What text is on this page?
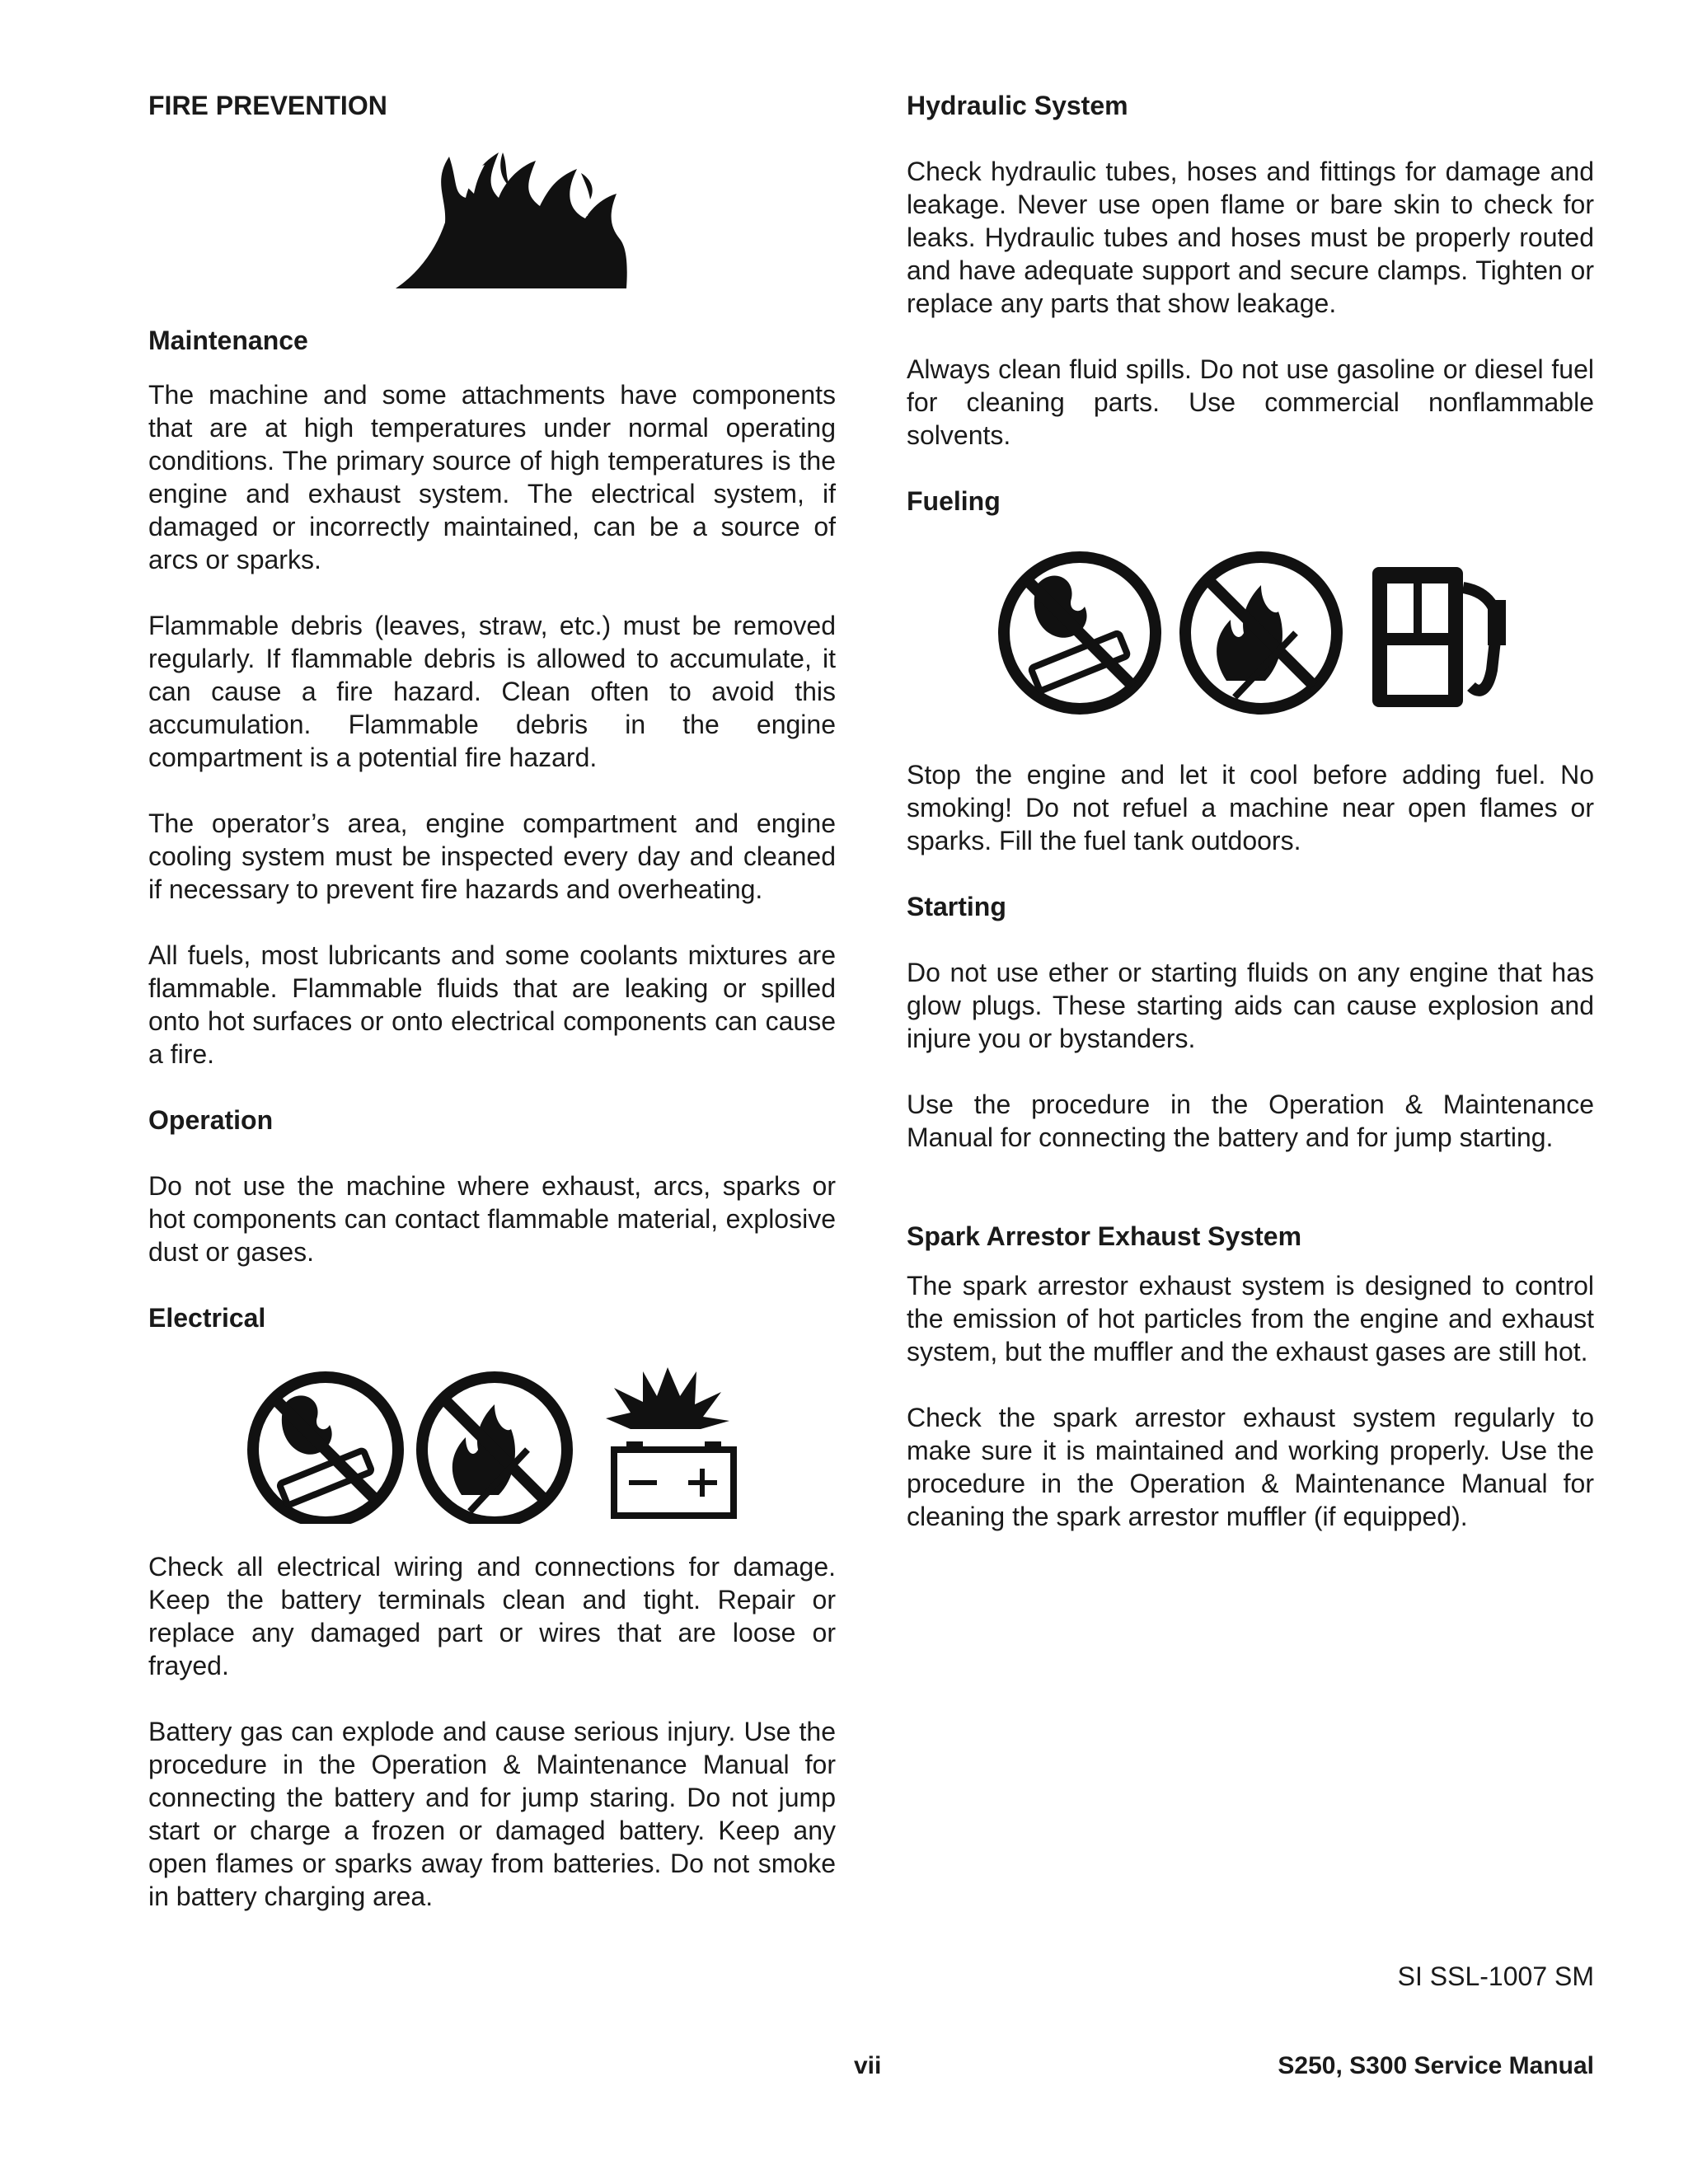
FIRE PREVENTION
Maintenance

The machine and some attachments have components that are at high temperatures under normal operating conditions. The primary source of high temperatures is the engine and exhaust system. The electrical system, if damaged or incorrectly maintained, can be a source of arcs or sparks.

Flammable debris (leaves, straw, etc.) must be removed regularly. If flammable debris is allowed to accumulate, it can cause a fire hazard. Clean often to avoid this accumulation. Flammable debris in the engine compartment is a potential fire hazard.

The operator’s area, engine compartment and engine cooling system must be inspected every day and cleaned if necessary to prevent fire hazards and overheating.

All fuels, most lubricants and some coolants mixtures are flammable. Flammable fluids that are leaking or spilled onto hot surfaces or onto electrical components can cause a fire.

Operation

Do not use the machine where exhaust, arcs, sparks or hot components can contact flammable material, explosive dust or gases.

Electrical

Check all electrical wiring and connections for damage. Keep the battery terminals clean and tight. Repair or replace any damaged part or wires that are loose or frayed.

Battery gas can explode and cause serious injury. Use the procedure in the Operation & Maintenance Manual for connecting the battery and for jump staring. Do not jump start or charge a frozen or damaged battery. Keep any open flames or sparks away from batteries. Do not smoke in battery charging area.

Hydraulic System

Check hydraulic tubes, hoses and fittings for damage and leakage. Never use open flame or bare skin to check for leaks. Hydraulic tubes and hoses must be properly routed and have adequate support and secure clamps. Tighten or replace any parts that show leakage.

Always clean fluid spills. Do not use gasoline or diesel fuel for cleaning parts. Use commercial nonflammable solvents.

Fueling

Stop the engine and let it cool before adding fuel. No smoking! Do not refuel a machine near open flames or sparks. Fill the fuel tank outdoors.

Starting

Do not use ether or starting fluids on any engine that has glow plugs. These starting aids can cause explosion and injure you or bystanders.

Use the procedure in the Operation & Maintenance Manual for connecting the battery and for jump starting.

Spark Arrestor Exhaust System

The spark arrestor exhaust system is designed to control the emission of hot particles from the engine and exhaust system, but the muffler and the exhaust gases are still hot.

Check the spark arrestor exhaust system regularly to make sure it is maintained and working properly. Use the procedure in the Operation & Maintenance Manual for cleaning the spark arrestor muffler (if equipped).

SI SSL-1007 SM
vii	S250, S300 Service Manual
